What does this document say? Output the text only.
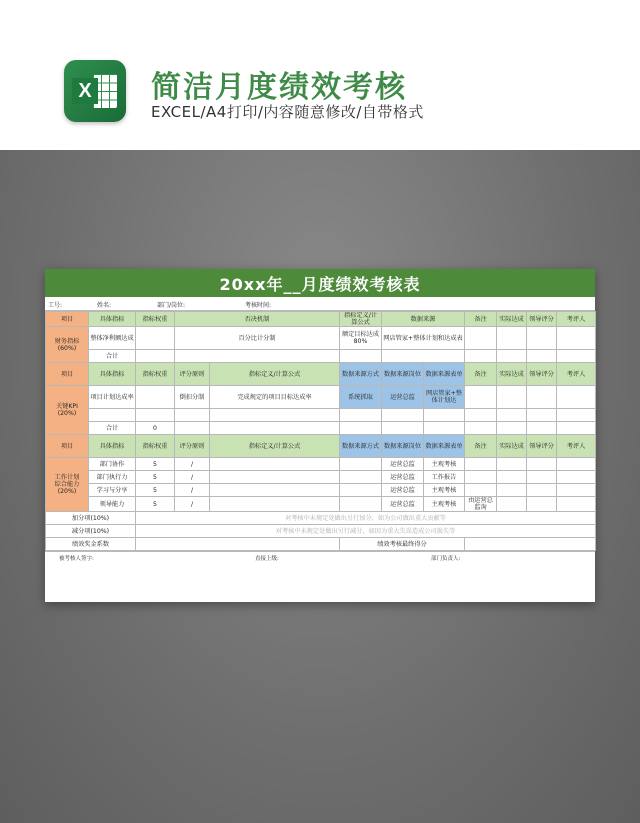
X 简洁月度绩效考核
EXCEL/A4打印/内容随意修改/自带格式
20xx年__月度绩效考核表
工号:	姓名:	部门/岗位:	考核时间:
项目	具体指标	指标权重	否决机制		指标定义/计算公式	数据来源		备注	实际达成	领导评分	考评人
财务指标
(60%)	整体净利额达成		百分比计分制		额定目标达成80%	网店管家+整体计划和达成表					
	合计										
项目	具体指标	指标权重	评分原则	指标定义/计算公式	数据来源方式	数据来源岗位	数据来源表单	备注	实际达成	领导评分	考评人
关键KPI
(20%)	项目计划达成率		倒扣分制	完成规定的项目目标达成率	系统抓取	运营总监	网店管家+整体计划达				

	合计	0									
项目	具体指标	指标权重	评分原则	指标定义/计算公式	数据来源方式	数据来源岗位	数据来源表单	备注	实际达成	领导评分	考评人
工作计划
综合能力
(20%)	部门协作	5	/			运营总监	主观考核				
	部门执行力	5	/			运营总监	工作报告				
	学习与分享	5	/			运营总监	主观考核				
	领导能力	5	/			运营总监	主观考核	由运营总监询			
加分项(10%)		对考核中未规定处做出另行加分，如为公司做出重大贡献等									
减分项(10%)		对考核中未规定处做出另行减分，如因为重大失误造成公司损失等									
绩效奖金系数					绩效考核最终得分						
被考核人签字:	直接上级:	部门负责人:
